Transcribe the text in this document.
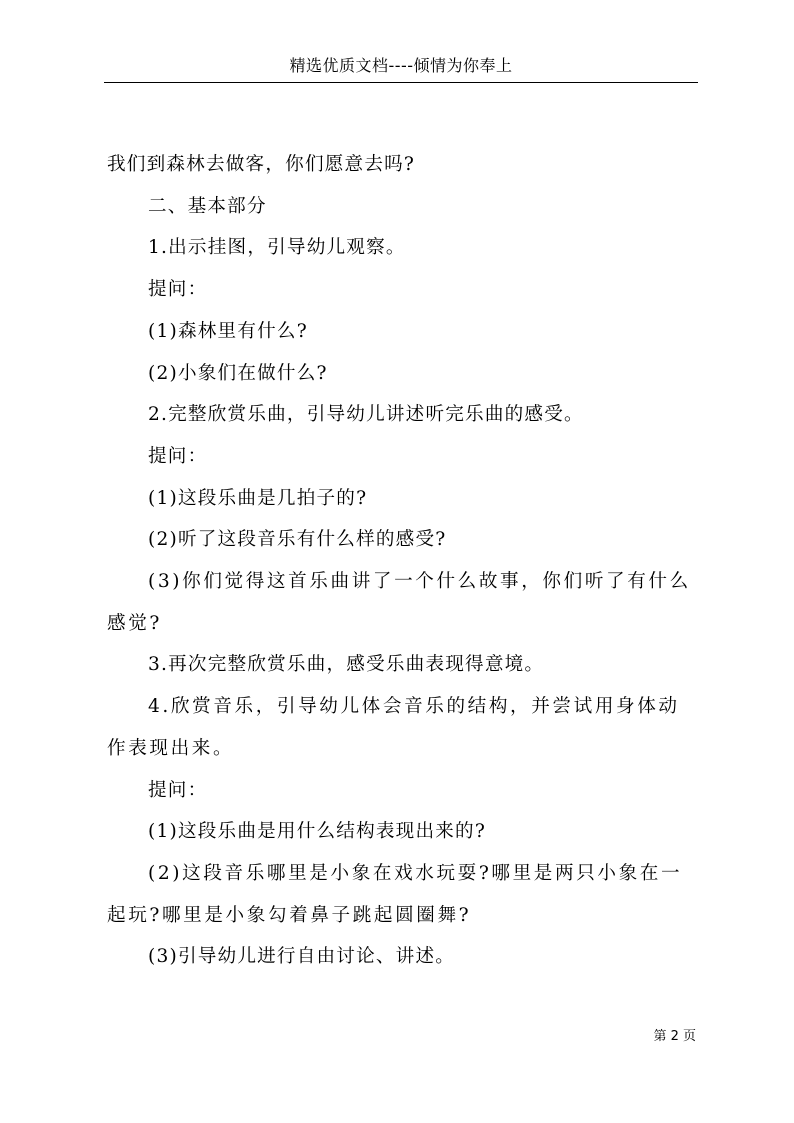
精选优质文档----倾情为你奉上

我们到森林去做客，你们愿意去吗?

二、基本部分

1.出示挂图，引导幼儿观察。

提问：

(1)森林里有什么?

(2)小象们在做什么?

2.完整欣赏乐曲，引导幼儿讲述听完乐曲的感受。

提问：

(1)这段乐曲是几拍子的?

(2)听了这段音乐有什么样的感受?

(3)你们觉得这首乐曲讲了一个什么故事，你们听了有什么感觉?

3.再次完整欣赏乐曲，感受乐曲表现得意境。

4.欣赏音乐，引导幼儿体会音乐的结构，并尝试用身体动作表现出来。

提问：

(1)这段乐曲是用什么结构表现出来的?

(2)这段音乐哪里是小象在戏水玩耍?哪里是两只小象在一起玩?哪里是小象勾着鼻子跳起圆圈舞?

(3)引导幼儿进行自由讨论、讲述。

第 2 页
